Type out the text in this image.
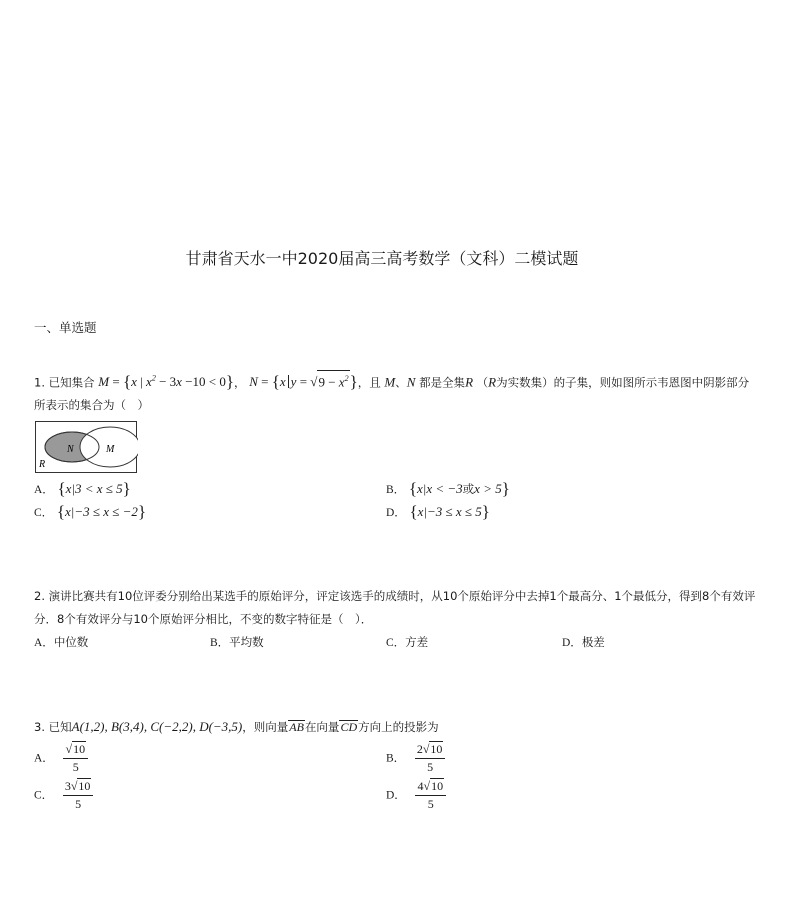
甘肃省天水一中2020届高三高考数学（文科）二模试题
一、单选题
1. 已知集合 M = {x | $x^2 - 3x -10 < 0$}， N = {x $y = √9 - x^2$}，且 M、N 都是全集R （R为实数集）的子集，则如图所示韦恩图中阴影部分
所表示的集合为（　）
N	M
R
A． {x|3 < x ≤ 5}	B． {x|x < −3或x > 5}
C． {x|−3 ≤ x ≤ −2}	D． {x|−3 ≤ x ≤ 5}
2. 演讲比赛共有10位评委分别给出某选手的原始评分，评定该选手的成绩时，从10个原始评分中去掉1个最高分、1个最低分，得到8个有效评
分．8个有效评分与10个原始评分相比，不变的数字特征是（　）．
A．中位数	B．平均数	C．方差	D．极差
3. 已知A(1,2), B(3,4), C(−2,2), D(−3,5)，则向量AB在向量CD方向上的投影为
A． $\frac{√10}{5}$	B． $\frac{2√10}{5}$
C． $\frac{3√10}{5}$	D． $\frac{4√10}{5}$
